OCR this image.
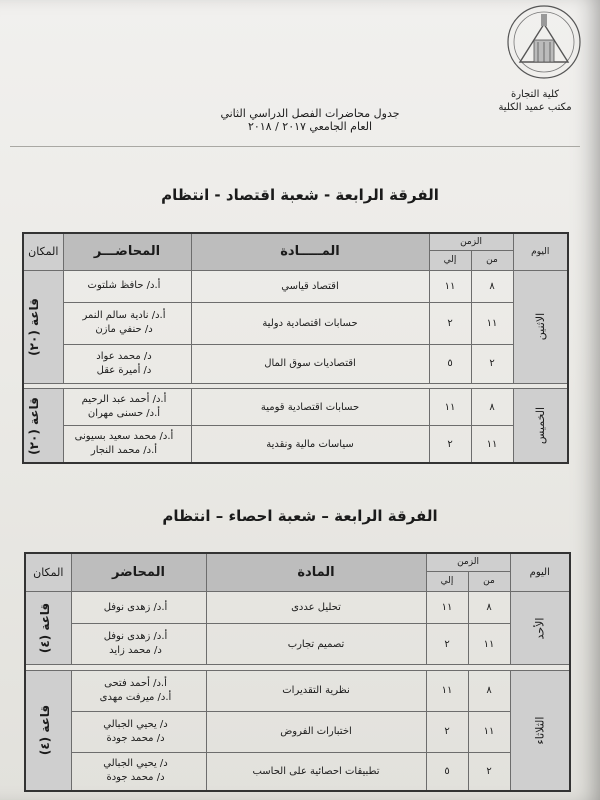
كلية التجارة
مكتب عميد الكلية
جدول محاضرات الفصل الدراسي الثاني
العام الجامعي ٢٠١٧ / ٢٠١٨
الفرقة الرابعة - شعبة اقتصاد - انتظام
اليوم	الزمن		المـــــادة	المحاضـــر	المكان
	من	إلي			
الاثنين	٨	١١	اقتصاد قياسي	أ.د/ حافظ شلتوت	قاعة (٢٠)
	١١	٢	حسابات اقتصادية دولية	أ.د/ نادية سالم النمر
د/ حنفي مازن	

	٢	٥	اقتصاديات سوق المال	د/ محمد عواد
د/ أميرة عقل	

الخميس	٨	١١	حسابات اقتصادية قومية	أ.د/ أحمد عبد الرحيم
أ.د/ حسنى مهران	قاعة (٢٠)
	١١	٢	سياسات مالية ونقدية	أ.د/ محمد سعيد بسيونى
أ.د/ محمد النجار	
الفرقة الرابعة – شعبة احصاء – انتظام
اليوم	الزمن		المادة	المحاضر	المكان
	من	إلي			
الأحد	٨	١١	تحليل عددى	أ.د/ زهدى نوفل	قاعة (٤)
	١١	٢	تصميم تجارب	أ.د/ زهدى نوفل
د/ محمد زايد	

الثلاثاء	٨	١١	نظرية التقديرات	أ.د/ أحمد فتحى
أ.د/ ميرفت مهدى	قاعة (٤)
	١١	٢	اختبارات الفروض	د/ يحيي الجبالي
د/ محمد جودة	

	٢	٥	تطبيقات احصائية على الحاسب	د/ يحيي الجبالي
د/ محمد جودة	
